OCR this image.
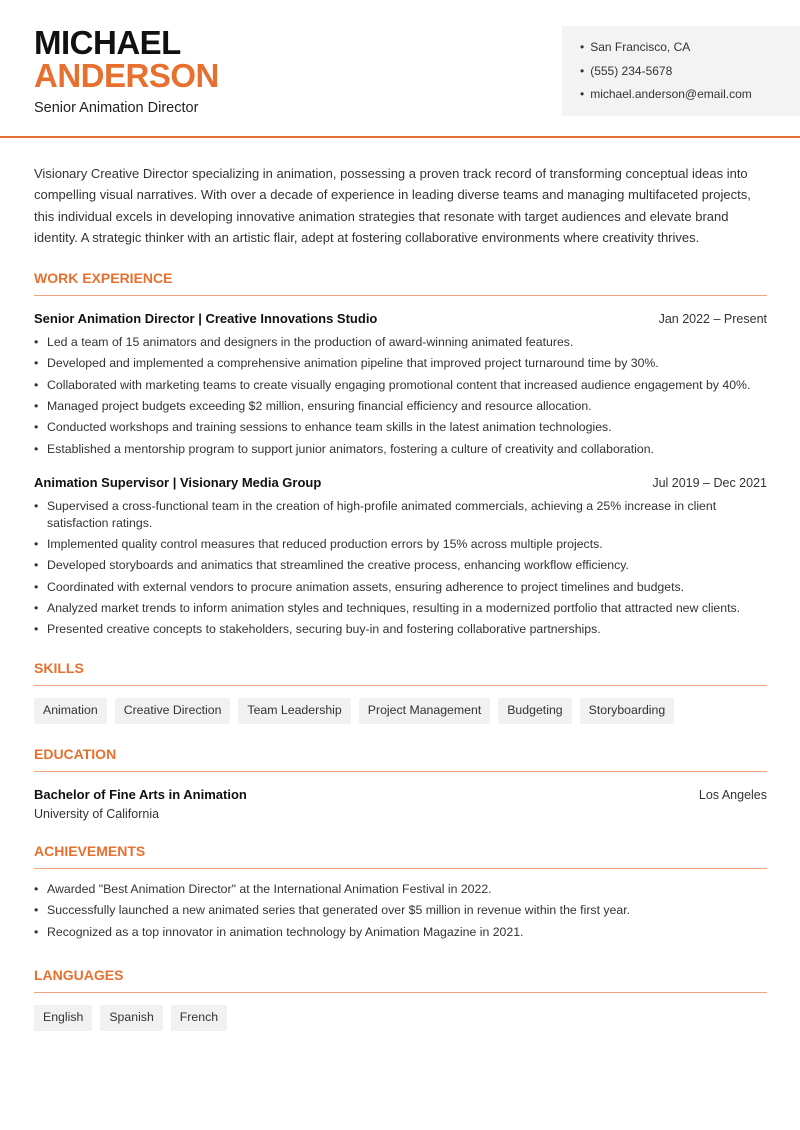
MICHAEL
ANDERSON
Senior Animation Director
• San Francisco, CA
• (555) 234-5678
• michael.anderson@email.com

Visionary Creative Director specializing in animation, possessing a proven track record of transforming conceptual ideas into compelling visual narratives. With over a decade of experience in leading diverse teams and managing multifaceted projects, this individual excels in developing innovative animation strategies that resonate with target audiences and elevate brand identity. A strategic thinker with an artistic flair, adept at fostering collaborative environments where creativity thrives.

WORK EXPERIENCE
Senior Animation Director | Creative Innovations Studio	Jan 2022 – Present
• Led a team of 15 animators and designers in the production of award-winning animated features.
• Developed and implemented a comprehensive animation pipeline that improved project turnaround time by 30%.
• Collaborated with marketing teams to create visually engaging promotional content that increased audience engagement by 40%.
• Managed project budgets exceeding $2 million, ensuring financial efficiency and resource allocation.
• Conducted workshops and training sessions to enhance team skills in the latest animation technologies.
• Established a mentorship program to support junior animators, fostering a culture of creativity and collaboration.
Animation Supervisor | Visionary Media Group	Jul 2019 – Dec 2021
• Supervised a cross-functional team in the creation of high-profile animated commercials, achieving a 25% increase in client satisfaction ratings.
• Implemented quality control measures that reduced production errors by 15% across multiple projects.
• Developed storyboards and animatics that streamlined the creative process, enhancing workflow efficiency.
• Coordinated with external vendors to procure animation assets, ensuring adherence to project timelines and budgets.
• Analyzed market trends to inform animation styles and techniques, resulting in a modernized portfolio that attracted new clients.
• Presented creative concepts to stakeholders, securing buy-in and fostering collaborative partnerships.
SKILLS
Animation	Creative Direction	Team Leadership	Project Management	Budgeting	Storyboarding
EDUCATION
Bachelor of Fine Arts in Animation	Los Angeles
University of California
ACHIEVEMENTS
• Awarded "Best Animation Director" at the International Animation Festival in 2022.
• Successfully launched a new animated series that generated over $5 million in revenue within the first year.
• Recognized as a top innovator in animation technology by Animation Magazine in 2021.
LANGUAGES
English	Spanish	French
